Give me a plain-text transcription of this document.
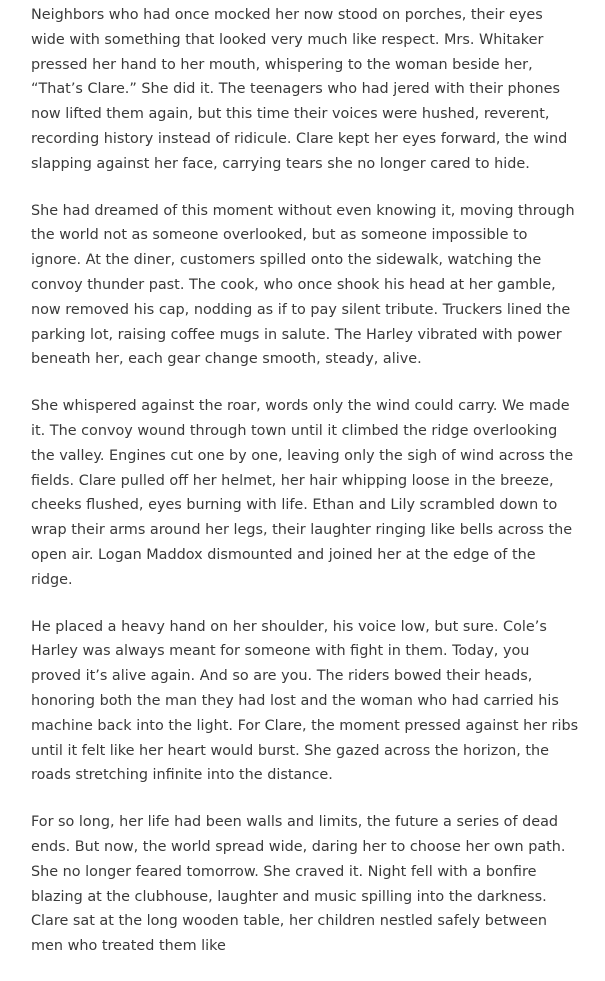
Neighbors who had once mocked her now stood on porches, their eyes wide with something that looked very much like respect. Mrs. Whitaker pressed her hand to her mouth, whispering to the woman beside her, “That’s Clare.” She did it. The teenagers who had jered with their phones now lifted them again, but this time their voices were hushed, reverent, recording history instead of ridicule. Clare kept her eyes forward, the wind slapping against her face, carrying tears she no longer cared to hide.

She had dreamed of this moment without even knowing it, moving through the world not as someone overlooked, but as someone impossible to ignore. At the diner, customers spilled onto the sidewalk, watching the convoy thunder past. The cook, who once shook his head at her gamble, now removed his cap, nodding as if to pay silent tribute. Truckers lined the parking lot, raising coffee mugs in salute. The Harley vibrated with power beneath her, each gear change smooth, steady, alive.

She whispered against the roar, words only the wind could carry. We made it. The convoy wound through town until it climbed the ridge overlooking the valley. Engines cut one by one, leaving only the sigh of wind across the fields. Clare pulled off her helmet, her hair whipping loose in the breeze, cheeks flushed, eyes burning with life. Ethan and Lily scrambled down to wrap their arms around her legs, their laughter ringing like bells across the open air. Logan Maddox dismounted and joined her at the edge of the ridge.

He placed a heavy hand on her shoulder, his voice low, but sure. Cole’s Harley was always meant for someone with fight in them. Today, you proved it’s alive again. And so are you. The riders bowed their heads, honoring both the man they had lost and the woman who had carried his machine back into the light. For Clare, the moment pressed against her ribs until it felt like her heart would burst. She gazed across the horizon, the roads stretching infinite into the distance.

For so long, her life had been walls and limits, the future a series of dead ends. But now, the world spread wide, daring her to choose her own path. She no longer feared tomorrow. She craved it. Night fell with a bonfire blazing at the clubhouse, laughter and music spilling into the darkness. Clare sat at the long wooden table, her children nestled safely between men who treated them like
